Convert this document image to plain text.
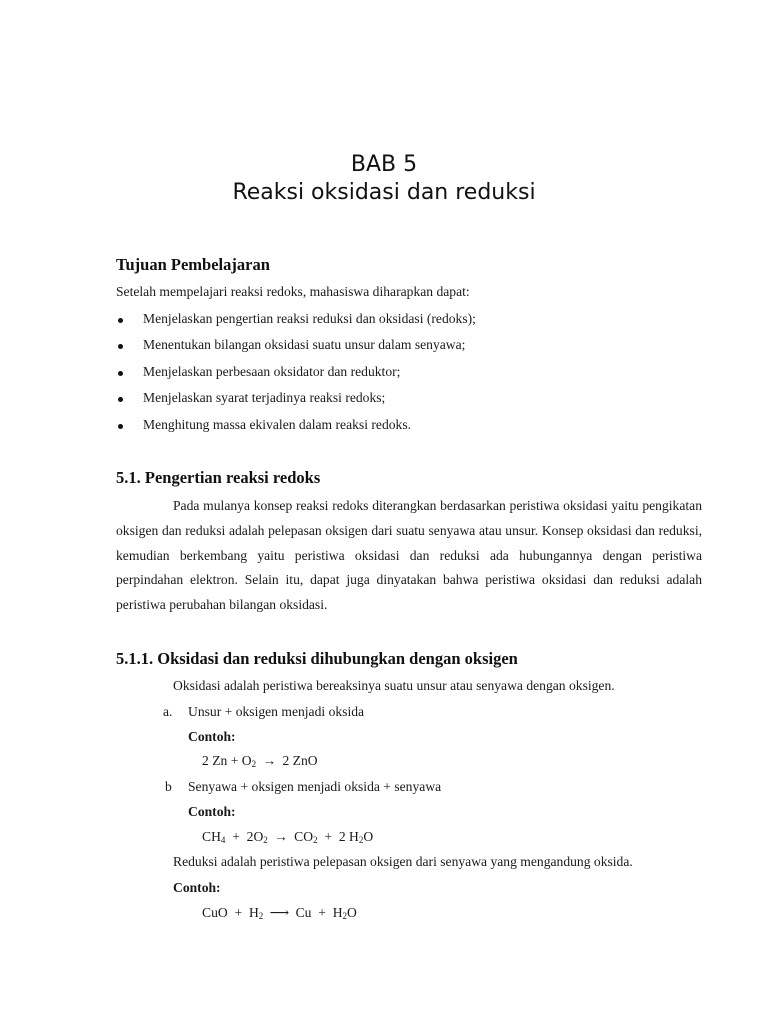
BAB 5
Reaksi oksidasi dan reduksi
Tujuan Pembelajaran
Setelah mempelajari reaksi redoks, mahasiswa diharapkan dapat:
Menjelaskan pengertian reaksi reduksi dan oksidasi (redoks);
Menentukan bilangan oksidasi suatu unsur dalam senyawa;
Menjelaskan perbesaan oksidator dan reduktor;
Menjelaskan syarat terjadinya reaksi redoks;
Menghitung massa ekivalen dalam reaksi redoks.
5.1. Pengertian reaksi redoks

Pada mulanya konsep reaksi redoks diterangkan berdasarkan peristiwa oksidasi yaitu pengikatan oksigen dan reduksi adalah pelepasan oksigen dari suatu senyawa atau unsur. Konsep oksidasi dan reduksi, kemudian berkembang yaitu peristiwa oksidasi dan reduksi ada hubungannya dengan peristiwa perpindahan elektron. Selain itu, dapat juga dinyatakan bahwa peristiwa oksidasi dan reduksi adalah peristiwa perubahan bilangan oksidasi.

5.1.1. Oksidasi dan reduksi dihubungkan dengan oksigen
Oksidasi adalah peristiwa bereaksinya suatu unsur atau senyawa dengan oksigen.
a. Unsur + oksigen menjadi oksida
Contoh:
2 $Zn + O_2 \to 2$ ZnO
b Senyawa + oksigen menjadi oksida + senyawa
Contoh:
$CH_4 + 2O_2 \to CO_2 + 2$ $H_2O$
Reduksi adalah peristiwa pelepasan oksigen dari senyawa yang mengandung oksida.
Contoh:
CuO  +  $H_2$ ⟶ $Cu + H_2O$
